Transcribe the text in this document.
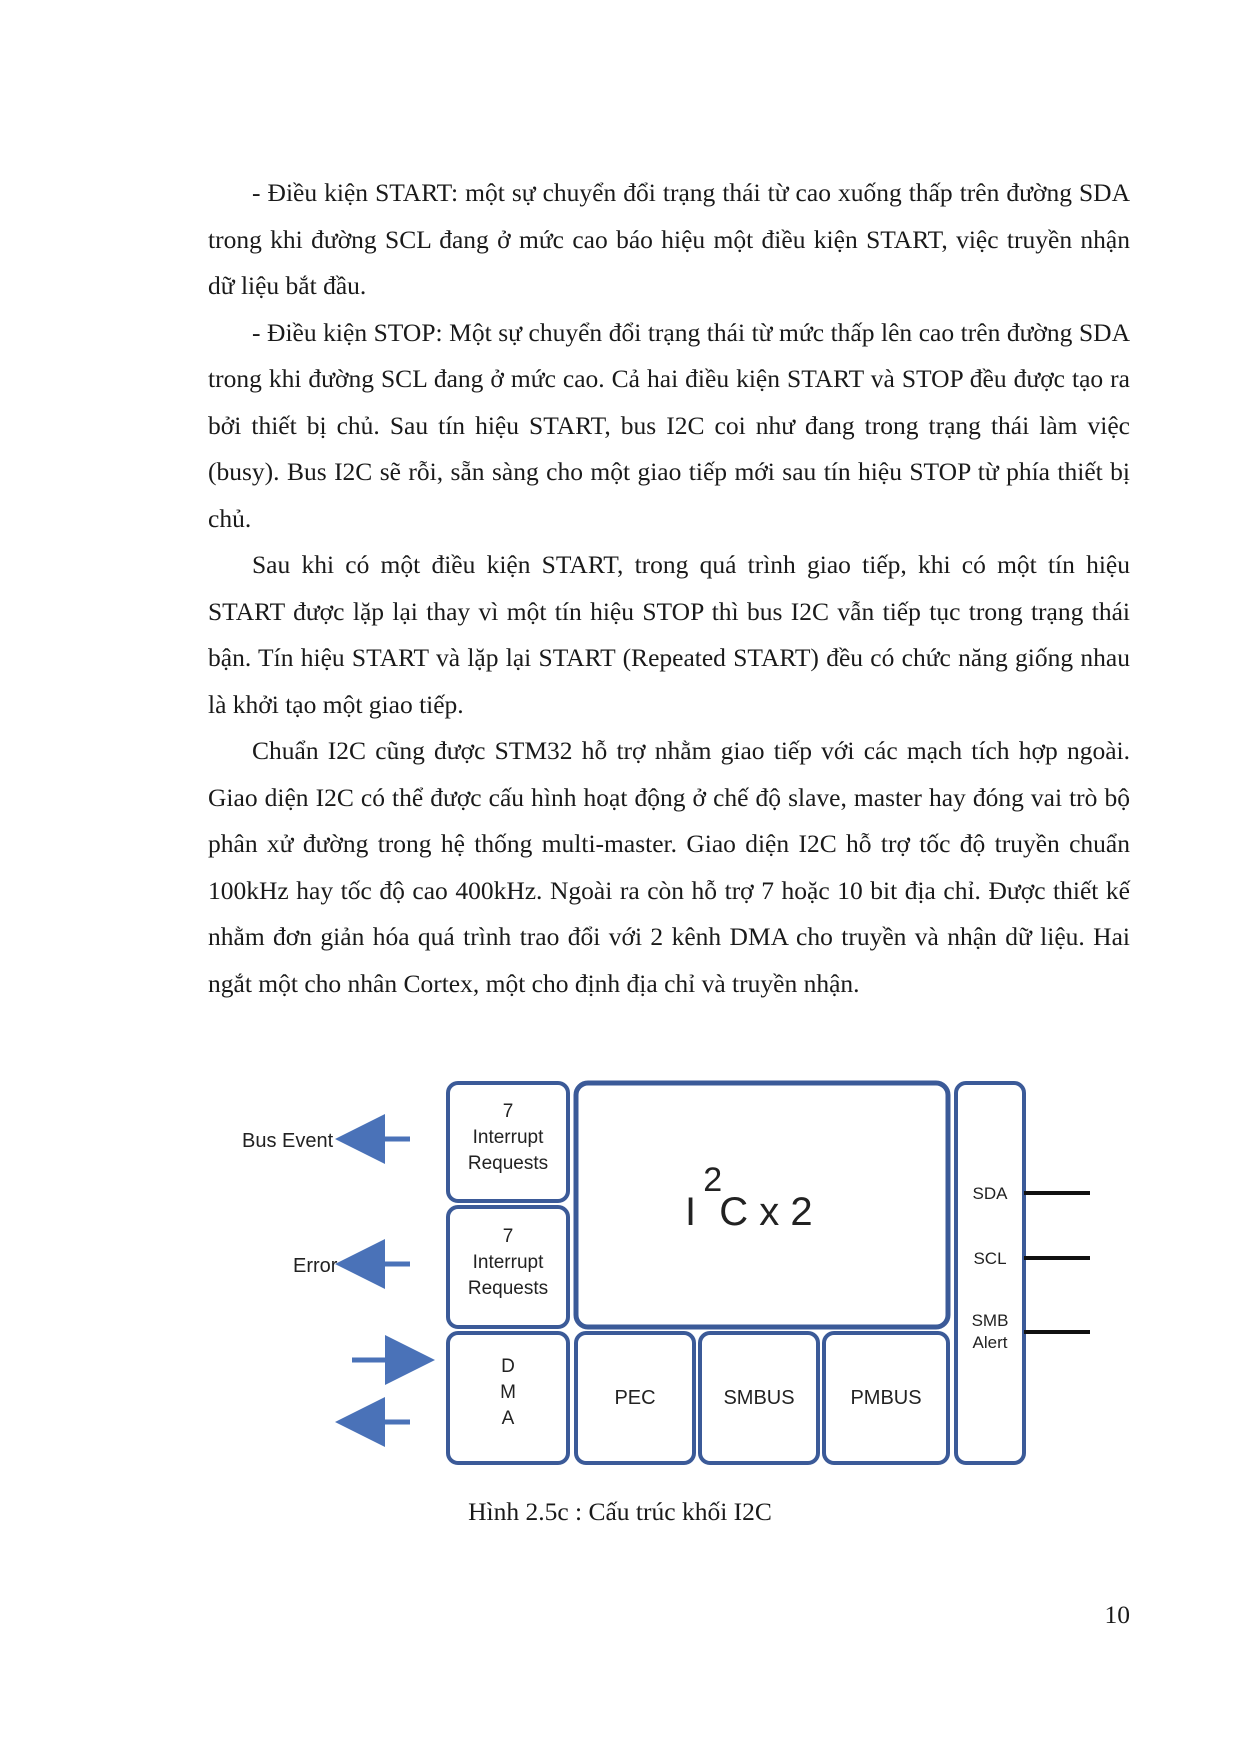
- Điều kiện START: một sự chuyển đổi trạng thái từ cao xuống thấp trên đường SDA trong khi đường SCL đang ở mức cao báo hiệu một điều kiện START, việc truyền nhận dữ liệu bắt đầu.

- Điều kiện STOP: Một sự chuyển đổi trạng thái từ mức thấp lên cao trên đường SDA trong khi đường SCL đang ở mức cao. Cả hai điều kiện START và STOP đều được tạo ra bởi thiết bị chủ. Sau tín hiệu START, bus I2C coi như đang trong trạng thái làm việc (busy). Bus I2C sẽ rỗi, sẵn sàng cho một giao tiếp mới sau tín hiệu STOP từ phía thiết bị chủ.

Sau khi có một điều kiện START, trong quá trình giao tiếp, khi có một tín hiệu START được lặp lại thay vì một tín hiệu STOP thì bus I2C vẫn tiếp tục trong trạng thái bận. Tín hiệu START và lặp lại START (Repeated START) đều có chức năng giống nhau là khởi tạo một giao tiếp.

Chuẩn I2C cũng được STM32 hỗ trợ nhằm giao tiếp với các mạch tích hợp ngoài. Giao diện I2C có thể được cấu hình hoạt động ở chế độ slave, master hay đóng vai trò bộ phân xử đường trong hệ thống multi-master. Giao diện I2C hỗ trợ tốc độ truyền chuẩn 100kHz hay tốc độ cao 400kHz. Ngoài ra còn hỗ trợ 7 hoặc 10 bit địa chỉ. Được thiết kế nhằm đơn giản hóa quá trình trao đổi với 2 kênh DMA cho truyền và nhận dữ liệu. Hai ngắt một cho nhân Cortex, một cho định địa chỉ và truyền nhận.

Bus Event
Error
7
Interrupt
Requests
7
Interrupt
Requests
D
M
A
I 2 C x 2
PEC	SMBUS	PMBUS
SDA
SCL
SMB
Alert
Hình 2.5c : Cấu trúc khối I2C
10
